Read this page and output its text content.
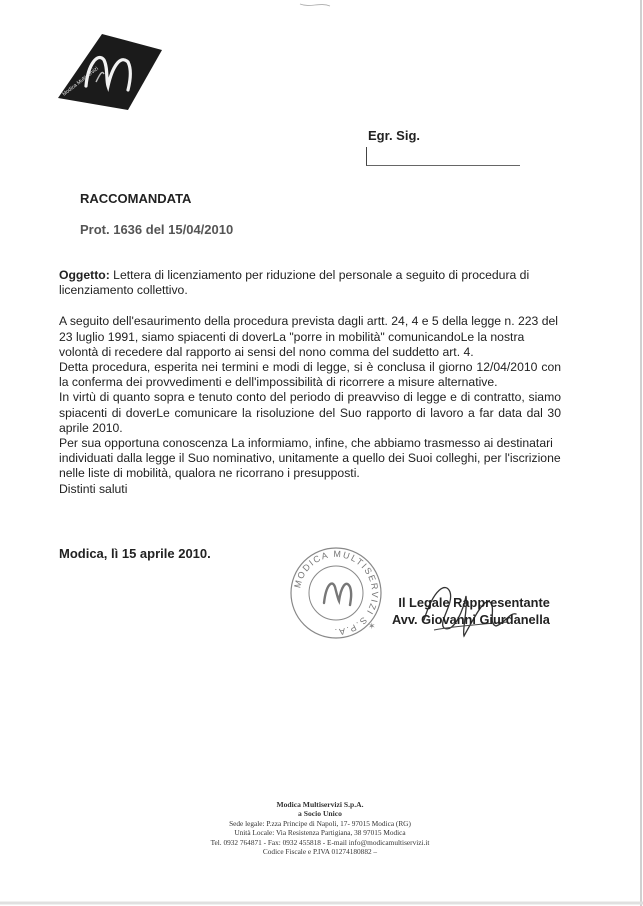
Modica Multiservizi
Egr. Sig.
RACCOMANDATA
Prot. 1636 del 15/04/2010

Oggetto: Lettera di licenziamento per riduzione del personale a seguito di procedura di licenziamento collettivo.

A seguito dell'esaurimento della procedura prevista dagli artt. 24, 4 e 5 della legge n. 223 del 23 luglio 1991, siamo spiacenti di doverLa "porre in mobilità" comunicandoLe la nostra volontà di recedere dal rapporto ai sensi del nono comma del suddetto art. 4.

Detta procedura, esperita nei termini e modi di legge, si è conclusa il giorno 12/04/2010 con la conferma dei provvedimenti e dell'impossibilità di ricorrere a misure alternative.

In virtù di quanto sopra e tenuto conto del periodo di preavviso di legge e di contratto, siamo spiacenti di doverLe comunicare la risoluzione del Suo rapporto di lavoro a far data dal 30 aprile 2010.

Per sua opportuna conoscenza La informiamo, infine, che abbiamo trasmesso ai destinatari individuati dalla legge il Suo nominativo, unitamente a quello dei Suoi colleghi, per l'iscrizione nelle liste di mobilità, qualora ne ricorrano i presupposti.

Distinti saluti

Modica, lì 15 aprile 2010.
MODICA MULTISERVIZI S.P.A.	✶
Il Legale Rappresentante
Avv. Giovanni Giurdanella
Modica Multiservizi S.p.A.
a Socio Unico
Sede legale: P.zza Principe di Napoli, 17- 97015 Modica (RG)
Unità Locale: Via Resistenza Partigiana, 38 97015 Modica
Tel. 0932 764871 - Fax: 0932 455818 - E-mail info@modicamultiservizi.it
Codice Fiscale e P.IVA 01274180882 –
